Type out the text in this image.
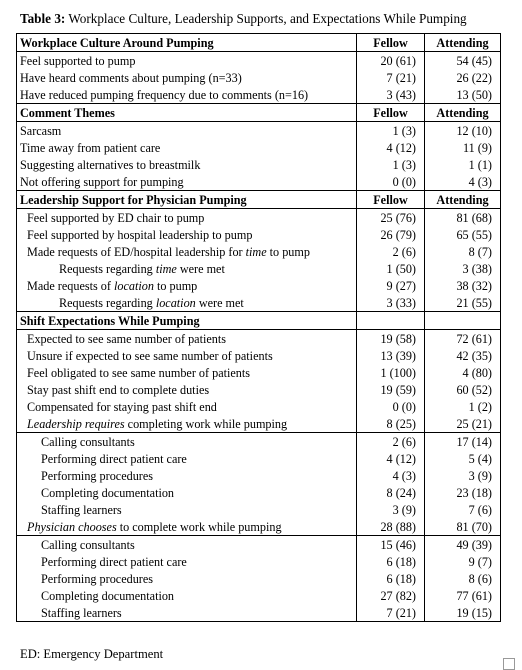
Table 3: Workplace Culture, Leadership Supports, and Expectations While Pumping
Workplace Culture Around Pumping	Fellow	Attending
Feel supported to pump	20 (61)	54 (45)
Have heard comments about pumping (n=33)	7 (21)	26 (22)
Have reduced pumping frequency due to comments (n=16)	3 (43)	13 (50)
Comment Themes	Fellow	Attending
Sarcasm	1 (3)	12 (10)
Time away from patient care	4 (12)	11 (9)
Suggesting alternatives to breastmilk	1 (3)	1 (1)
Not offering support for pumping	0 (0)	4 (3)
Leadership Support for Physician Pumping	Fellow	Attending
Feel supported by ED chair to pump	25 (76)	81 (68)
Feel supported by hospital leadership to pump	26 (79)	65 (55)
Made requests of ED/hospital leadership for time to pump	2 (6)	8 (7)
Requests regarding time were met	1 (50)	3 (38)
Made requests of location to pump	9 (27)	38 (32)
Requests regarding location were met	3 (33)	21 (55)
Shift Expectations While Pumping		
Expected to see same number of patients	19 (58)	72 (61)
Unsure if expected to see same number of patients	13 (39)	42 (35)
Feel obligated to see same number of patients	1 (100)	4 (80)
Stay past shift end to complete duties	19 (59)	60 (52)
Compensated for staying past shift end	0 (0)	1 (2)
Leadership requires completing work while pumping	8 (25)	25 (21)
Calling consultants	2 (6)	17 (14)
Performing direct patient care	4 (12)	5 (4)
Performing procedures	4 (3)	3 (9)
Completing documentation	8 (24)	23 (18)
Staffing learners	3 (9)	7 (6)
Physician chooses to complete work while pumping	28 (88)	81 (70)
Calling consultants	15 (46)	49 (39)
Performing direct patient care	6 (18)	9 (7)
Performing procedures	6 (18)	8 (6)
Completing documentation	27 (82)	77 (61)
Staffing learners	7 (21)	19 (15)
ED: Emergency Department
